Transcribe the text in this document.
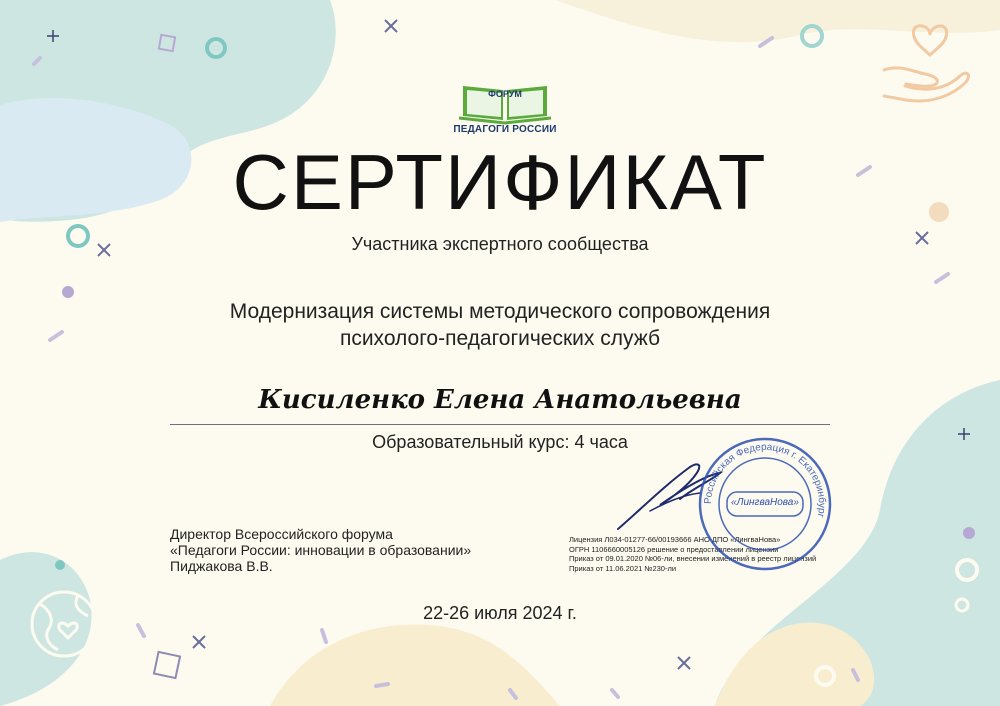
ФОРУМ
ПЕДАГОГИ РОССИИ
СЕРТИФИКАТ
Участника экспертного сообщества
Модернизация системы методического сопровождения
психолого-педагогических служб
Кисиленко Елена Анатольевна
Образовательный курс: 4 часа
Директор Всероссийского форума
«Педагоги России: инновации в образовании»
Пиджакова В.В.
Лицензия Л034-01277-66/00193666 АНО ДПО «ЛингваНова»
ОГРН 1106660005126 решение о предоставлении лицензии
Приказ от 09.01.2020 №06-ли, внесении изменений в реестр лицензий
Приказ от 11.06.2021 №230-ли
Российская Федерация г. Екатеринбург
«ЛингваНова»
22-26 июля 2024 г.
